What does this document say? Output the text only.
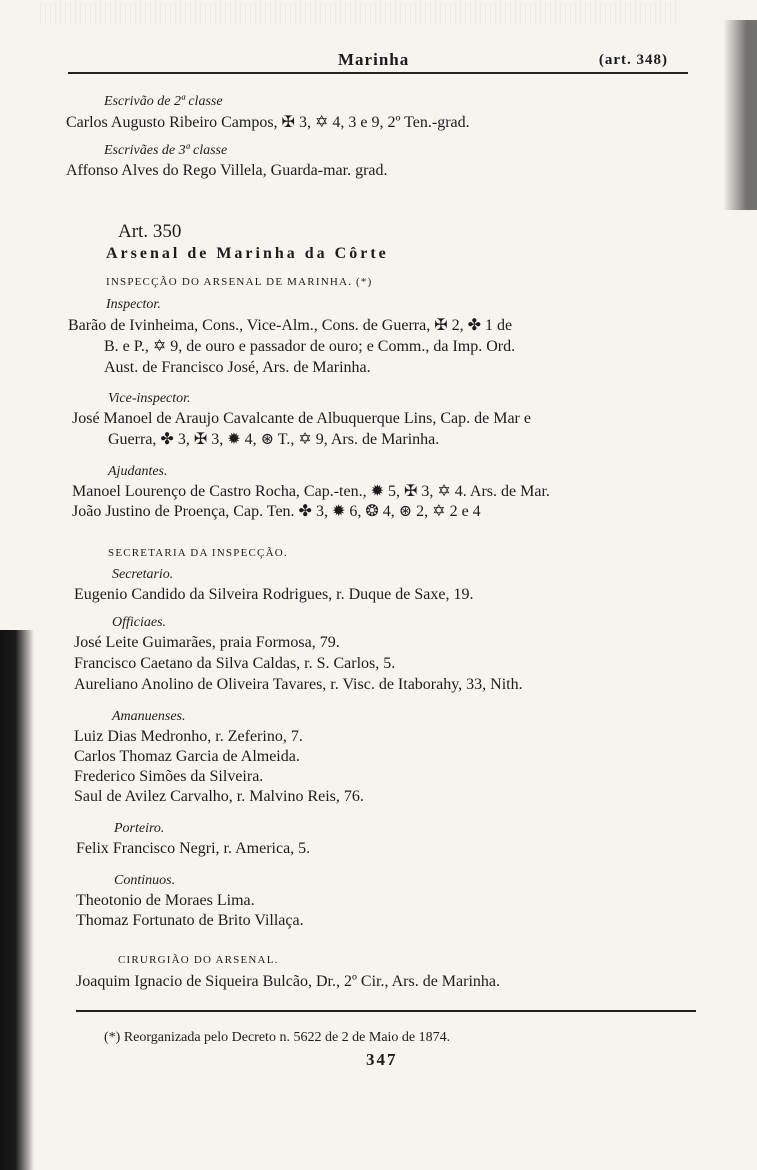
Marinha	(art. 348)
Escrivão de 2ª classe
Carlos Augusto Ribeiro Campos, ✠ 3, ✡ 4, 3 e 9, 2º Ten.-grad.
Escrivães de 3ª classe
Affonso Alves do Rego Villela, Guarda-mar. grad.
Art. 350
Arsenal de Marinha da Côrte
INSPECÇÃO DO ARSENAL DE MARINHA. (*)
Inspector.
Barão de Ivinheima, Cons., Vice-Alm., Cons. de Guerra, ✠ 2, ✤ 1 de
B. e P., ✡ 9, de ouro e passador de ouro; e Comm., da Imp. Ord.
Aust. de Francisco José, Ars. de Marinha.
Vice-inspector.
José Manoel de Araujo Cavalcante de Albuquerque Lins, Cap. de Mar e
Guerra, ✤ 3, ✠ 3, ✹ 4, ⊛ T., ✡ 9, Ars. de Marinha.
Ajudantes.
Manoel Lourenço de Castro Rocha, Cap.-ten., ✹ 5, ✠ 3, ✡ 4. Ars. de Mar.
João Justino de Proença, Cap. Ten. ✤ 3, ✹ 6, ❂ 4, ⊛ 2, ✡ 2 e 4
SECRETARIA DA INSPECÇÃO.
Secretario.
Eugenio Candido da Silveira Rodrigues, r. Duque de Saxe, 19.
Officiaes.
José Leite Guimarães, praia Formosa, 79.
Francisco Caetano da Silva Caldas, r. S. Carlos, 5.
Aureliano Anolino de Oliveira Tavares, r. Visc. de Itaborahy, 33, Nith.
Amanuenses.
Luiz Dias Medronho, r. Zeferino, 7.
Carlos Thomaz Garcia de Almeida.
Frederico Simões da Silveira.
Saul de Avilez Carvalho, r. Malvino Reis, 76.
Porteiro.
Felix Francisco Negri, r. America, 5.
Continuos.
Theotonio de Moraes Lima.
Thomaz Fortunato de Brito Villaça.
CIRURGIÃO DO ARSENAL.
Joaquim Ignacio de Siqueira Bulcão, Dr., 2º Cir., Ars. de Marinha.
(*) Reorganizada pelo Decreto n. 5622 de 2 de Maio de 1874.
347
